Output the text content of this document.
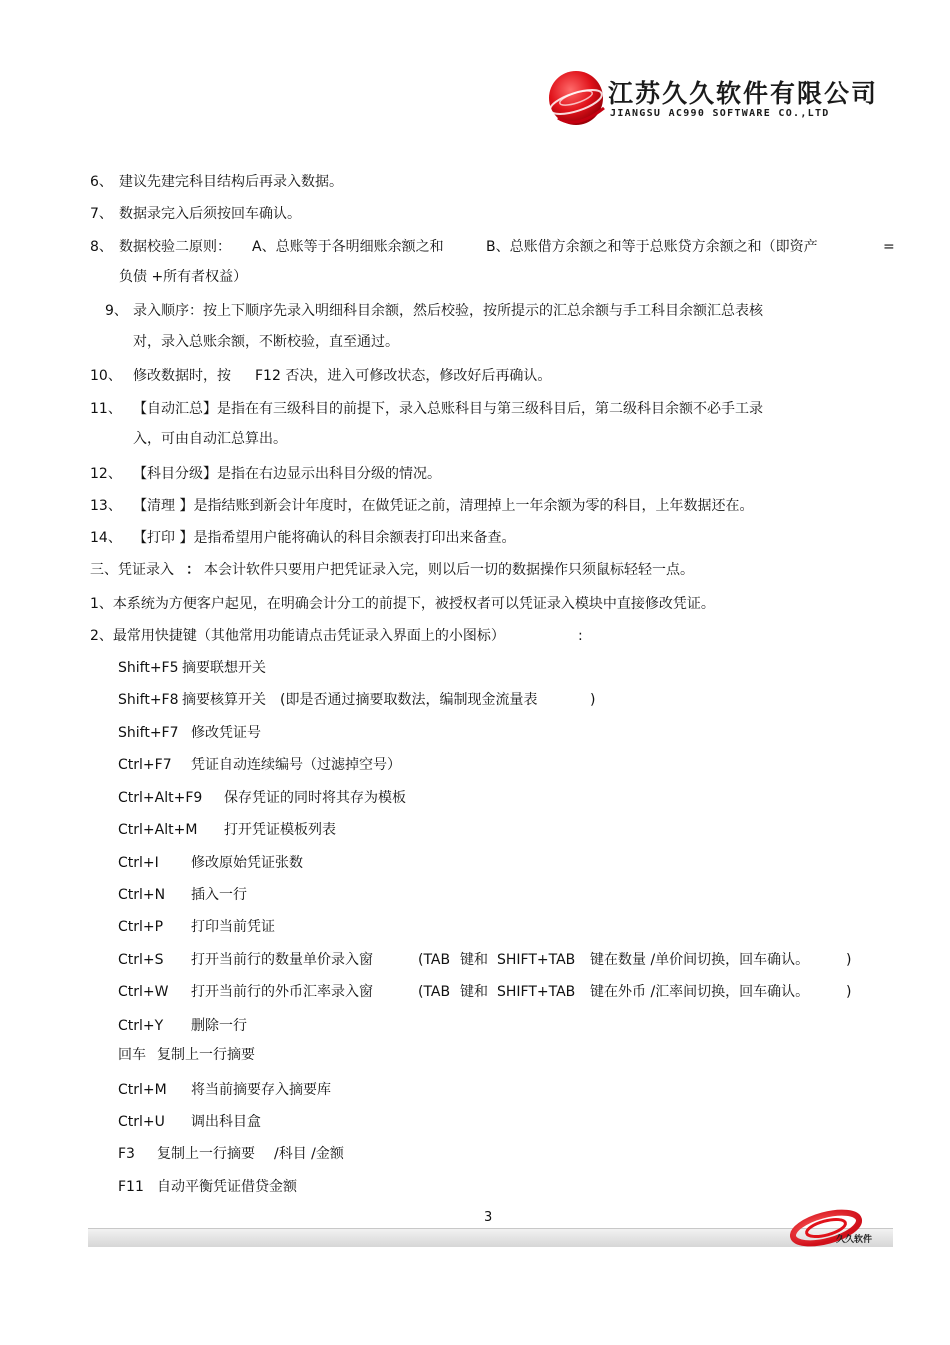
江苏久久软件有限公司
JIANGSU AC990 SOFTWARE CO.,LTD
6、 建议先建完科目结构后再录入数据。
7、 数据录完入后须按回车确认。
8、 数据校验二原则： A、总账等于各明细账余额之和	B、总账借方余额之和等于总账贷方余额之和（即资产	=
负债 +所有者权益）
9、 录入顺序：按上下顺序先录入明细科目余额，然后校验，按所提示的汇总余额与手工科目余额汇总表核
对，录入总账余额，不断校验，直至通过。
10、 修改数据时，按 F12 否决，进入可修改状态，修改好后再确认。
11、 【自动汇总】是指在有三级科目的前提下，录入总账科目与第三级科目后，第二级科目余额不必手工录
入，可由自动汇总算出。
12、 【科目分级】是指在右边显示出科目分级的情况。
13、 【清理 】是指结账到新会计年度时，在做凭证之前，清理掉上一年余额为零的科目，上年数据还在。
14、 【打印 】是指希望用户能将确认的科目余额表打印出来备查。
三、凭证录入 ： 本会计软件只要用户把凭证录入完，则以后一切的数据操作只须鼠标轻轻一点。
1、本系统为方便客户起见，在明确会计分工的前提下，被授权者可以凭证录入模块中直接修改凭证。
2、最常用快捷键（其他常用功能请点击凭证录入界面上的小图标）	:
Shift+F5 摘要联想开关
Shift+F8 摘要核算开关 (即是否通过摘要取数法，编制现金流量表	)
Shift+F7 修改凭证号
Ctrl+F7 凭证自动连续编号（过滤掉空号）
Ctrl+Alt+F9 保存凭证的同时将其存为模板
Ctrl+Alt+M 打开凭证模板列表
Ctrl+I 修改原始凭证张数
Ctrl+N 插入一行
Ctrl+P 打印当前凭证
Ctrl+S 打开当前行的数量单价录入窗	(TAB 键和 SHIFT+TAB 键在数量 /单价间切换，回车确认。	)
Ctrl+W 打开当前行的外币汇率录入窗	(TAB 键和 SHIFT+TAB 键在外币 /汇率间切换，回车确认。	)
Ctrl+Y 删除一行
回车 复制上一行摘要
Ctrl+M 将当前摘要存入摘要库
Ctrl+U 调出科目盒
F3 复制上一行摘要 /科目 /金额
F11 自动平衡凭证借贷金额
3
久久软件
